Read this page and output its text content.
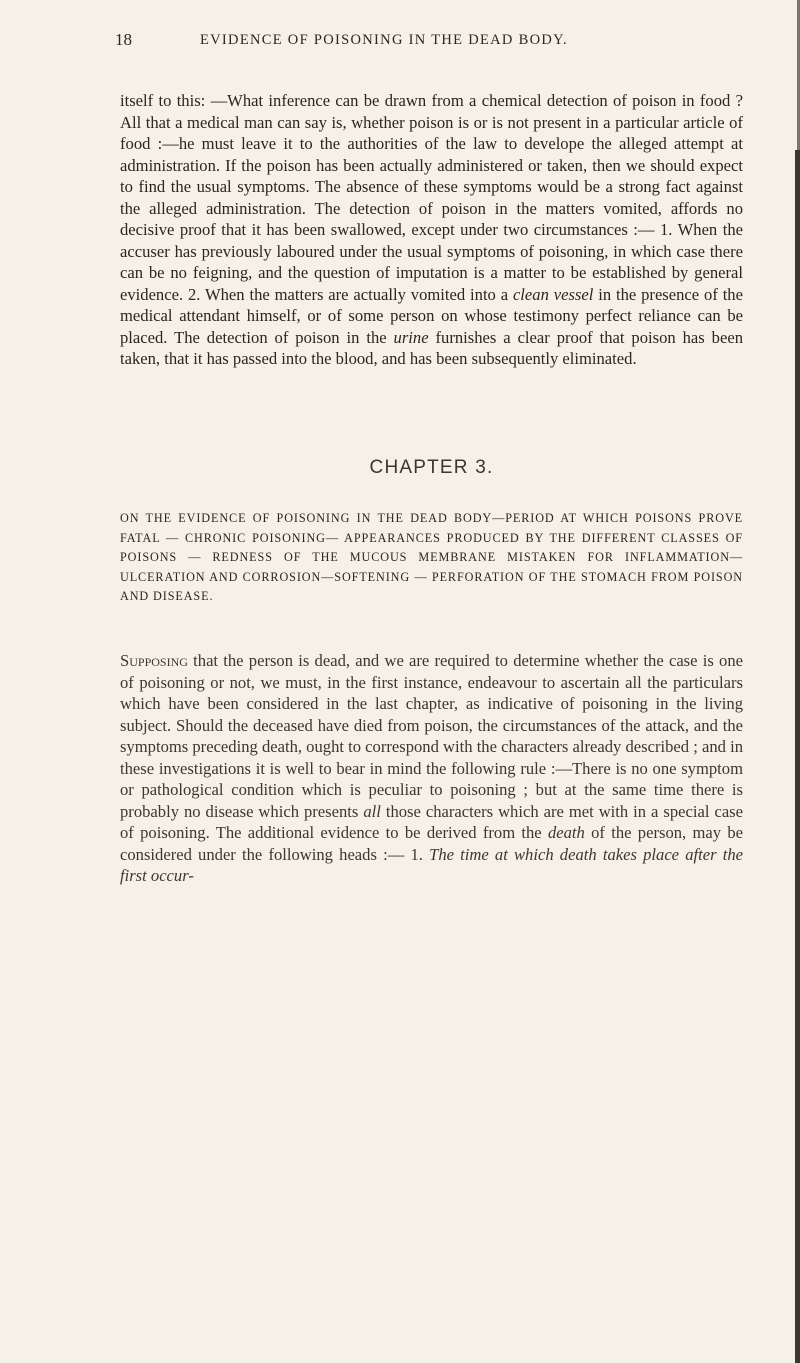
18	EVIDENCE OF POISONING IN THE DEAD BODY.

itself to this: —What inference can be drawn from a chemical detection of poison in food ? All that a medical man can say is, whether poison is or is not present in a particular article of food :—he must leave it to the authorities of the law to develope the alleged attempt at administration. If the poison has been actually administered or taken, then we should expect to find the usual symptoms. The absence of these symptoms would be a strong fact against the alleged administration. The detection of poison in the matters vomited, affords no decisive proof that it has been swallowed, except under two circumstances :— 1. When the accuser has previously laboured under the usual symptoms of poisoning, in which case there can be no feigning, and the question of imputation is a matter to be established by general evidence. 2. When the matters are actually vomited into a clean vessel in the presence of the medical attendant himself, or of some person on whose testimony perfect reliance can be placed. The detection of poison in the urine furnishes a clear proof that poison has been taken, that it has passed into the blood, and has been subsequently eliminated.

CHAPTER 3.

ON THE EVIDENCE OF POISONING IN THE DEAD BODY—PERIOD AT WHICH POISONS PROVE FATAL — CHRONIC POISONING— APPEARANCES PRODUCED BY THE DIFFERENT CLASSES OF POISONS — REDNESS OF THE MUCOUS MEMBRANE MISTAKEN FOR INFLAMMATION—ULCERATION AND CORROSION—SOFTENING — PERFORATION OF THE STOMACH FROM POISON AND DISEASE.

Supposing that the person is dead, and we are required to determine whether the case is one of poisoning or not, we must, in the first instance, endeavour to ascertain all the particulars which have been considered in the last chapter, as indicative of poisoning in the living subject. Should the deceased have died from poison, the circumstances of the attack, and the symptoms preceding death, ought to correspond with the characters already described ; and in these investigations it is well to bear in mind the following rule :—There is no one symptom or pathological condition which is peculiar to poisoning ; but at the same time there is probably no disease which presents all those characters which are met with in a special case of poisoning. The additional evidence to be derived from the death of the person, may be considered under the following heads :— 1. The time at which death takes place after the first occur-
